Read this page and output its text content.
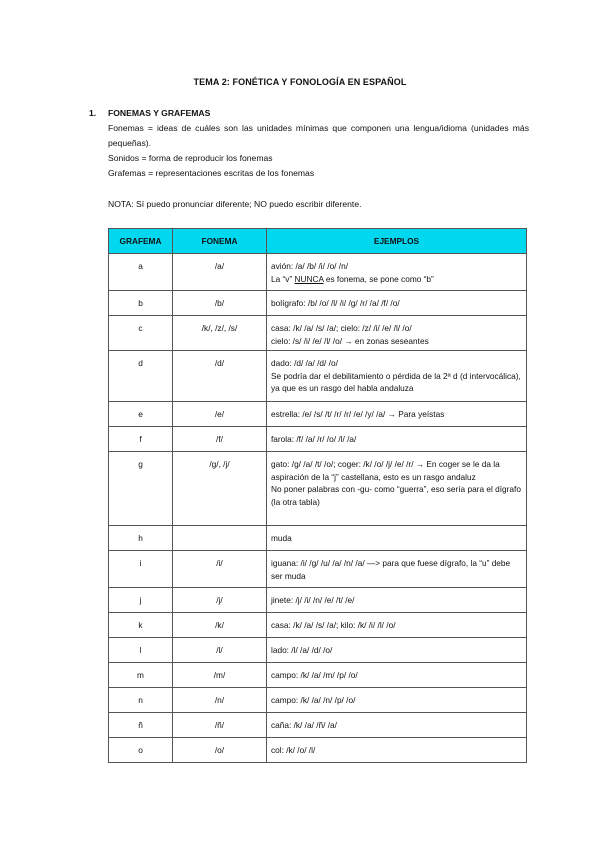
TEMA 2: FONÉTICA Y FONOLOGÍA EN ESPAÑOL
1.	FONEMAS Y GRAFEMAS
Fonemas = ideas de cuáles son las unidades mínimas que componen una lengua/idioma (unidades más pequeñas).
Sonidos = forma de reproducir los fonemas
Grafemas = representaciones escritas de los fonemas
NOTA: Sí puedo pronunciar diferente; NO puedo escribir diferente.
GRAFEMA	FONEMA	EJEMPLOS
a	/a/	avión: /a/ /b/ /i/ /o/ /n/
La “v” NUNCA es fonema, se pone como “b”

b	/b/	bolígrafo: /b/ /o/ /l/ /i/ /g/ /r/ /a/ /f/ /o/

c	/k/, /z/, /s/	casa: /k/ /a/ /s/ /a/; cielo: /z/ /i/ /e/ /l/ /o/
cielo: /s/ /i/ /e/ /l/ /o/ → en zonas seseantes

d	/d/	dado: /d/ /a/ /d/ /o/
Se podría dar el debilitamiento o pérdida de la 2ª d (d intervocálica), ya que es un rasgo del habla andaluza

e	/e/	estrella: /e/ /s/ /t/ /r/ /r/ /e/ /y/ /a/ → Para yeístas

f	/f/	farola: /f/ /a/ /r/ /o/ /l/ /a/

g	/g/, /j/	gato: /g/ /a/ /t/ /o/; coger: /k/ /o/ /j/ /e/ /r/ → En coger se le da la aspiración de la “j” castellana, esto es un rasgo andaluz
No poner palabras con -gu- como “guerra”, eso sería para el dígrafo (la otra tabla)

h		muda

i	/i/	iguana: /i/ /g/ /u/ /a/ /n/ /a/ —> para que fuese dígrafo, la “u” debe ser muda

j	/j/	jinete: /j/ /i/ /n/ /e/ /t/ /e/

k	/k/	casa: /k/ /a/ /s/ /a/; kilo: /k/ /i/ /l/ /o/

l	/l/	lado: /l/ /a/ /d/ /o/

m	/m/	campo: /k/ /a/ /m/ /p/ /o/

n	/n/	campo: /k/ /a/ /n/ /p/ /o/

ñ	/ñ/	caña: /k/ /a/ /ñ/ /a/

o	/o/	col: /k/ /o/ /l/
